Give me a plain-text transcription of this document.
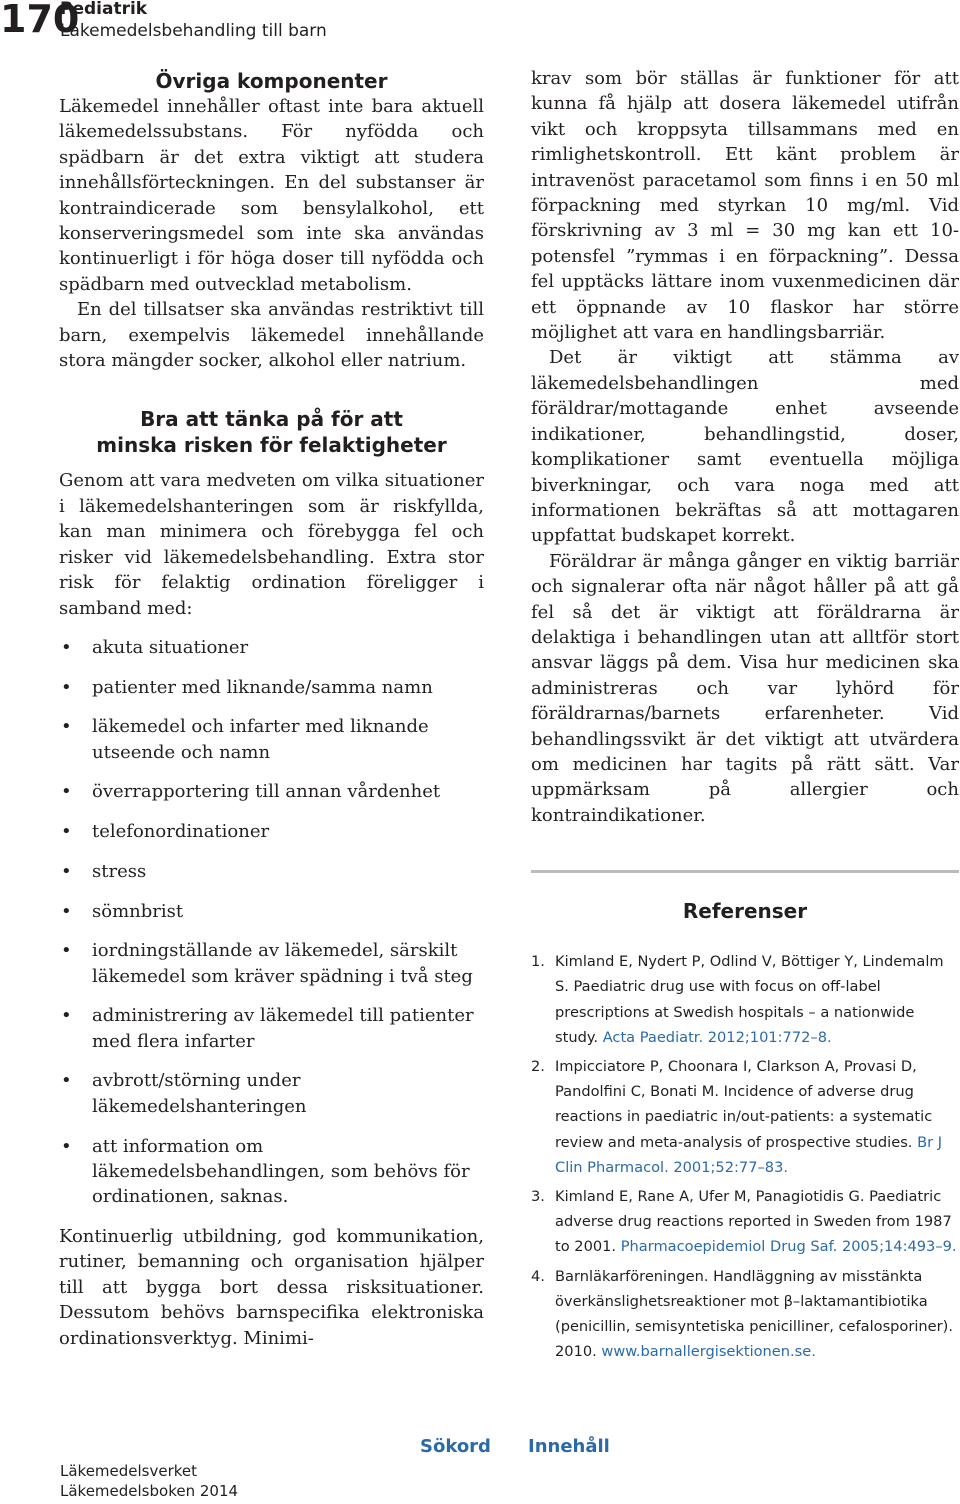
170
Pediatrik
Läkemedelsbehandling till barn
Övriga komponenter

Läkemedel innehåller oftast inte bara aktuell läkemedelssubstans. För nyfödda och spädbarn är det extra viktigt att studera innehållsförteckningen. En del substanser är kontraindicerade som bensylalkohol, ett konserveringsmedel som inte ska användas kontinuerligt i för höga doser till nyfödda och spädbarn med outvecklad metabolism.

En del tillsatser ska användas restriktivt till barn, exempelvis läkemedel innehållande stora mängder socker, alkohol eller natrium.

Bra att tänka på för att
minska risken för felaktigheter

Genom att vara medveten om vilka situationer i läkemedelshanteringen som är riskfyllda, kan man minimera och förebygga fel och risker vid läkemedelsbehandling. Extra stor risk för felaktig ordination föreligger i samband med:

• akuta situationer
• patienter med liknande/samma namn
• läkemedel och infarter med liknande utseende och namn
• överrapportering till annan vårdenhet
• telefonordinationer
• stress
• sömnbrist
• iordningställande av läkemedel, särskilt läkemedel som kräver spädning i två steg
• administrering av läkemedel till patienter med flera infarter
• avbrott/störning under läkemedelshanteringen
• att information om läkemedelsbehandlingen, som behövs för ordinationen, saknas.

Kontinuerlig utbildning, god kommunikation, rutiner, bemanning och organisation hjälper till att bygga bort dessa risksituationer. Dessutom behövs barnspecifika elektroniska ordinationsverktyg. Minimi-

krav som bör ställas är funktioner för att kunna få hjälp att dosera läkemedel utifrån vikt och kroppsyta tillsammans med en rimlighetskontroll. Ett känt problem är intravenöst paracetamol som finns i en 50 ml förpackning med styrkan 10 mg/ml. Vid förskrivning av 3 ml = 30 mg kan ett 10-potensfel ”rymmas i en förpackning”. Dessa fel upptäcks lättare inom vuxenmedicinen där ett öppnande av 10 flaskor har större möjlighet att vara en handlingsbarriär.

Det är viktigt att stämma av läkemedelsbehandlingen med föräldrar/mottagande enhet avseende indikationer, behandlingstid, doser, komplikationer samt eventuella möjliga biverkningar, och vara noga med att informationen bekräftas så att mottagaren uppfattat budskapet korrekt.

Föräldrar är många gånger en viktig barriär och signalerar ofta när något håller på att gå fel så det är viktigt att föräldrarna är delaktiga i behandlingen utan att alltför stort ansvar läggs på dem. Visa hur medicinen ska administreras och var lyhörd för föräldrarnas/barnets erfarenheter. Vid behandlingssvikt är det viktigt att utvärdera om medicinen har tagits på rätt sätt. Var uppmärksam på allergier och kontraindikationer.

Referenser
1. Kimland E, Nydert P, Odlind V, Böttiger Y, Lindemalm S. Paediatric drug use with focus on off-label prescriptions at Swedish hospitals – a nationwide study. Acta Paediatr. 2012;101:772–8.
2. Impicciatore P, Choonara I, Clarkson A, Provasi D, Pandolfini C, Bonati M. Incidence of adverse drug reactions in paediatric in/out-patients: a systematic review and meta-analysis of prospective studies. Br J Clin Pharmacol. 2001;52:77–83.
3. Kimland E, Rane A, Ufer M, Panagiotidis G. Paediatric adverse drug reactions reported in Sweden from 1987 to 2001. Pharmacoepidemiol Drug Saf. 2005;14:493–9.
4. Barnläkarföreningen. Handläggning av misstänkta överkänslighetsreaktioner mot β–laktamantibiotika (penicillin, semisyntetiska penicilliner, cefalosporiner). 2010. www.barnallergisektionen.se.
Sökord Innehåll
Läkemedelsverket
Läkemedelsboken 2014
